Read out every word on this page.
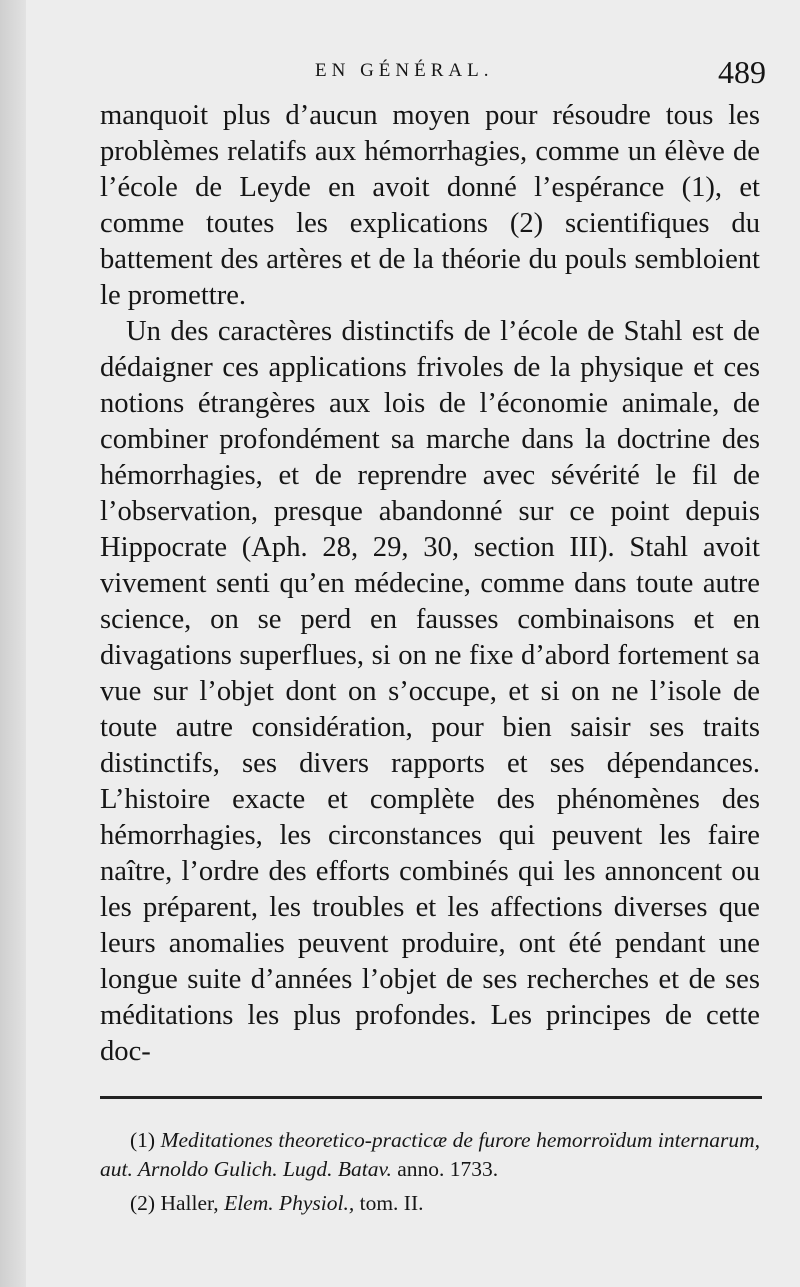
EN GÉNÉRAL.	489

manquoit plus d’aucun moyen pour résoudre tous les problèmes relatifs aux hémorrhagies, comme un élève de l’école de Leyde en avoit donné l’espérance (1), et comme toutes les explications (2) scientifiques du battement des artères et de la théorie du pouls sembloient le promettre.

Un des caractères distinctifs de l’école de Stahl est de dédaigner ces applications frivoles de la physique et ces notions étrangères aux lois de l’économie animale, de combiner profondément sa marche dans la doctrine des hémorrhagies, et de reprendre avec sévérité le fil de l’observation, presque abandonné sur ce point depuis Hippocrate (Aph. 28, 29, 30, section III). Stahl avoit vivement senti qu’en médecine, comme dans toute autre science, on se perd en fausses combinaisons et en divagations superflues, si on ne fixe d’abord fortement sa vue sur l’objet dont on s’occupe, et si on ne l’isole de toute autre considération, pour bien saisir ses traits distinctifs, ses divers rapports et ses dépendances. L’histoire exacte et complète des phénomènes des hémorrhagies, les circonstances qui peuvent les faire naître, l’ordre des efforts combinés qui les annoncent ou les préparent, les troubles et les affections diverses que leurs anomalies peuvent produire, ont été pendant une longue suite d’années l’objet de ses recherches et de ses méditations les plus profondes. Les principes de cette doc-

(1) Meditationes theoretico-practicæ de furore hemorroïdum internarum, aut. Arnoldo Gulich. Lugd. Batav. anno. 1733.

(2) Haller, Elem. Physiol., tom. II.
